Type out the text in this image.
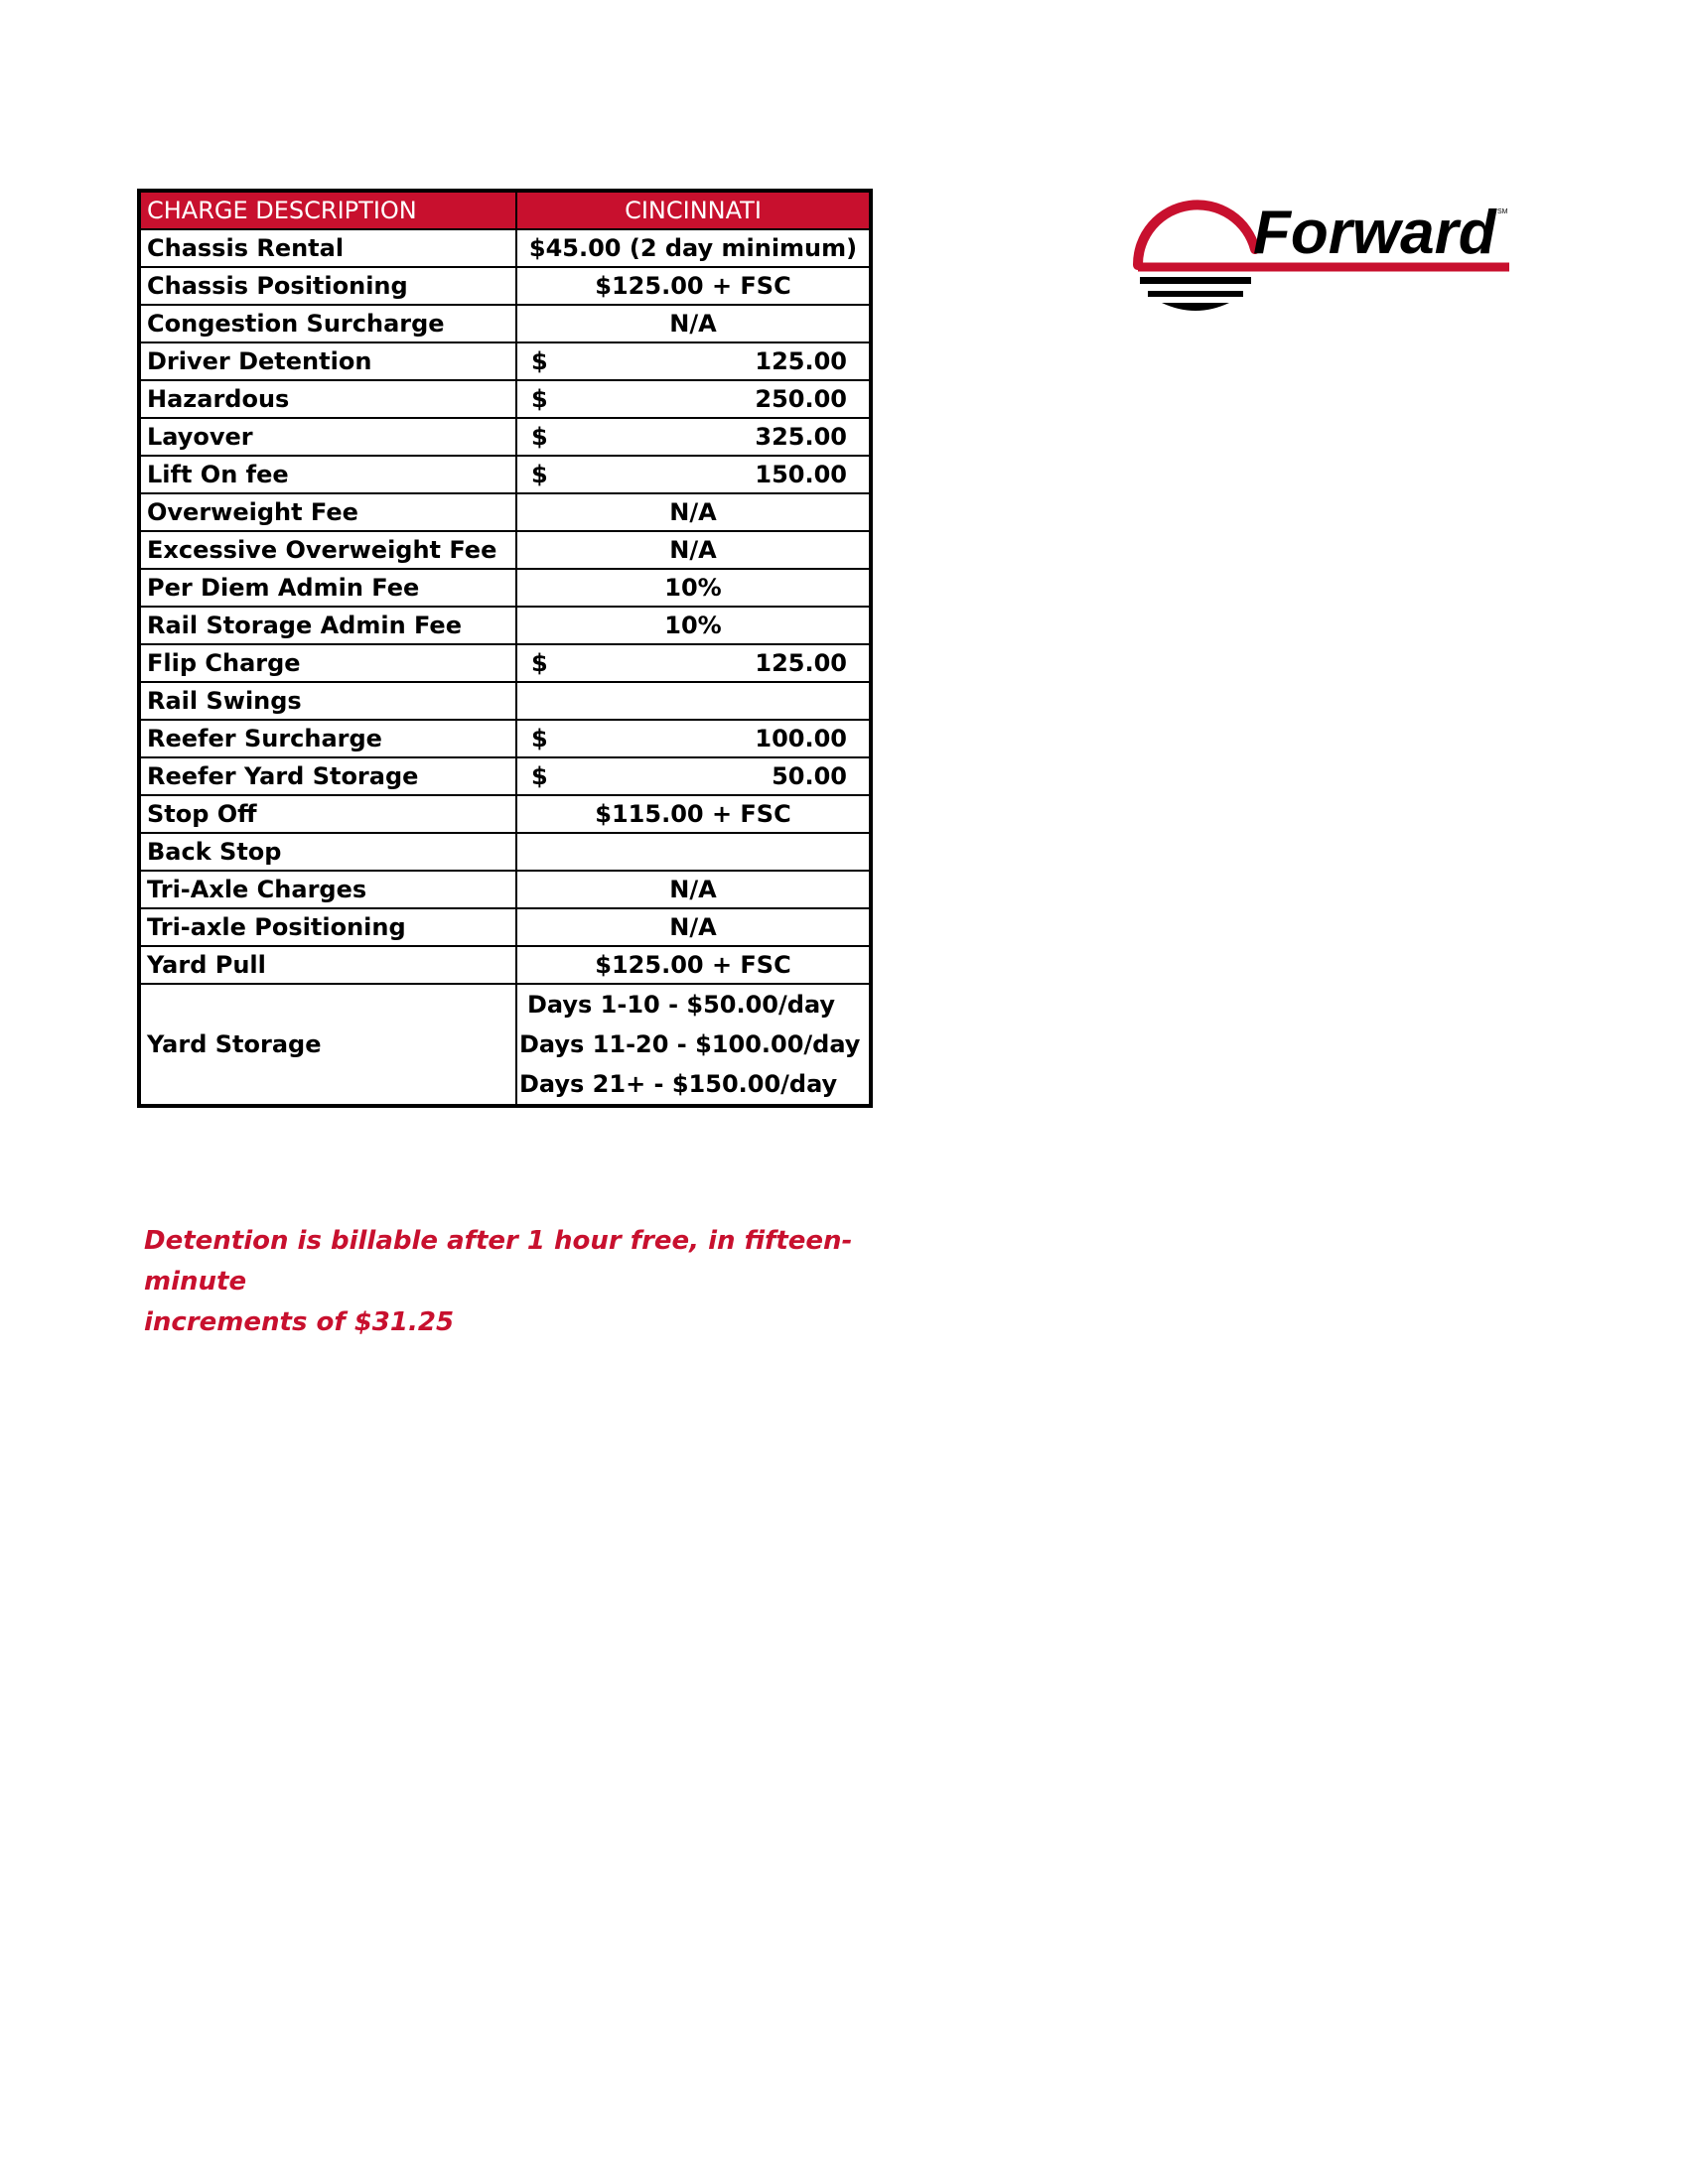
CHARGE DESCRIPTION	CINCINNATI
Chassis Rental	$45.00 (2 day minimum)
Chassis Positioning	$125.00 + FSC
Congestion Surcharge	N/A
Driver Detention	$ 125.00

Hazardous	$ 250.00

Layover	$ 325.00

Lift On fee	$ 150.00

Overweight Fee	N/A
Excessive Overweight Fee	N/A
Per Diem Admin Fee	10%
Rail Storage Admin Fee	10%
Flip Charge	$ 125.00

Rail Swings	
Reefer Surcharge	$ 100.00

Reefer Yard Storage	$ 50.00

Stop Off	$115.00 + FSC
Back Stop	
Tri-Axle Charges	N/A
Tri-axle Positioning	N/A
Yard Pull	$125.00 + FSC
Yard Storage	Days 1-10 - $50.00/day
Days 11-20 - $100.00/day
Days 21+ - $150.00/day
Detention is billable after 1 hour free, in fifteen-minute
increments of $31.25
Forward SM
